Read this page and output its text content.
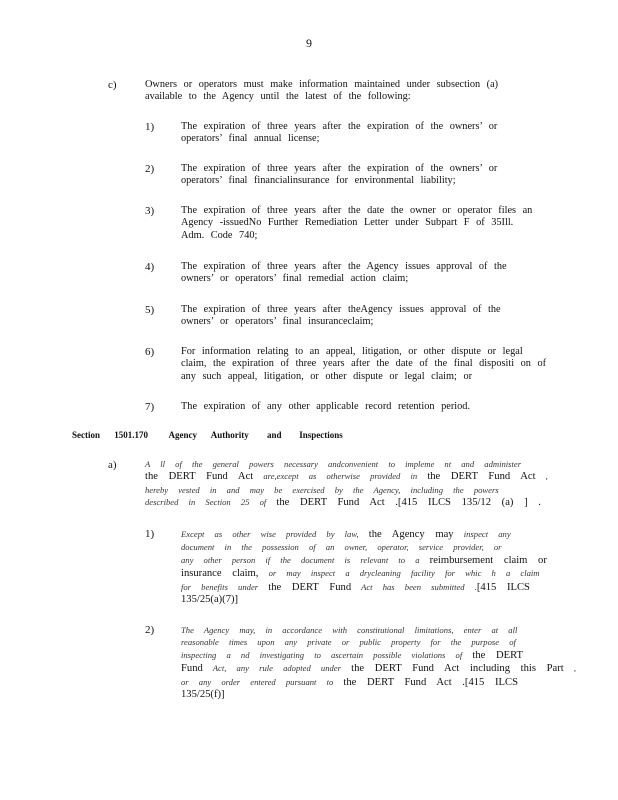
9
c)	Owners or operators must make information maintained under subsection (a)
available to the Agency until the latest of the following:
1)	The expiration of three years after the expiration of the owners’ or
operators’ final annual license;
2)	The expiration of three years after the expiration of the owners’ or
operators’ final financialinsurance for environmental liability;
3)	The expiration of three years after the date the owner or operator files an
Agency -issuedNo Further Remediation Letter under Subpart F of 35Ill.
Adm. Code 740;
4)	The expiration of three years after the Agency issues approval of the
owners’ or operators’ final remedial action claim;
5)	The expiration of three years after theAgency issues approval of the
owners’ or operators’ final insuranceclaim;
6)	For information relating to an appeal, litigation, or other dispute or legal
claim, the expiration of three years after the date of the final dispositi on of
any such appeal, litigation, or other dispute or legal claim; or
7)	The expiration of any other applicable record retention period.
Section 1501.170 Agency Authority and Inspections
a)	A ll of the general powers necessary andconvenient to impleme nt and administer
the DERT Fund Act are,except as otherwise provided in the DERT Fund Act ,
hereby vested in and may be exercised by the Agency, including the powers
described in Section 25 of the DERT Fund Act .[415 ILCS 135/12 (a) ] .
1)	Except as other wise provided by law, the Agency may inspect any
document in the possession of an owner, operator, service provider, or
any other person if the document is relevant to a reimbursement claim or
insurance claim, or may inspect a drycleaning facility for whic h a claim
for benefits under the DERT Fund Act has been submitted .[415 ILCS
135/25(a)(7)]
2)	The Agency may, in accordance with constitutional limitations, enter at all
reasonable times upon any private or public property for the purpose of
inspecting a nd investigating to ascertain possible violations of the DERT
Fund Act, any rule adopted under the DERT Fund Act including this Part ,
or any order entered pursuant to the DERT Fund Act .[415 ILCS
135/25(f)]
